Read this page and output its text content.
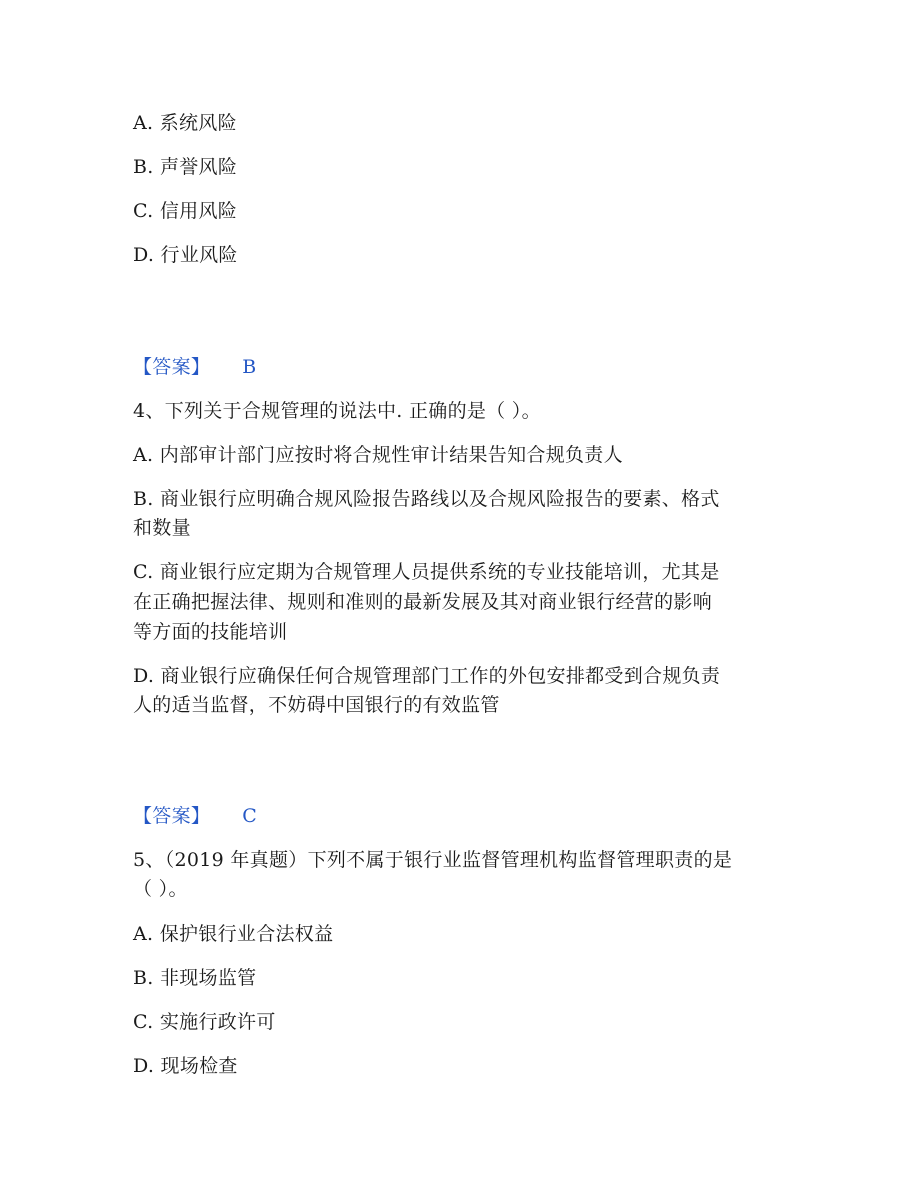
A. 系统风险
B. 声誉风险
C. 信用风险
D. 行业风险
【答案】 B
4、下列关于合规管理的说法中. 正确的是（ ）。
A. 内部审计部门应按时将合规性审计结果告知合规负责人
B. 商业银行应明确合规风险报告路线以及合规风险报告的要素、格式
和数量
C. 商业银行应定期为合规管理人员提供系统的专业技能培训，尤其是
在正确把握法律、规则和准则的最新发展及其对商业银行经营的影响
等方面的技能培训
D. 商业银行应确保任何合规管理部门工作的外包安排都受到合规负责
人的适当监督，不妨碍中国银行的有效监管
【答案】 C
5、（2019 年真题）下列不属于银行业监督管理机构监督管理职责的是
（ ）。
A. 保护银行业合法权益
B. 非现场监管
C. 实施行政许可
D. 现场检查
